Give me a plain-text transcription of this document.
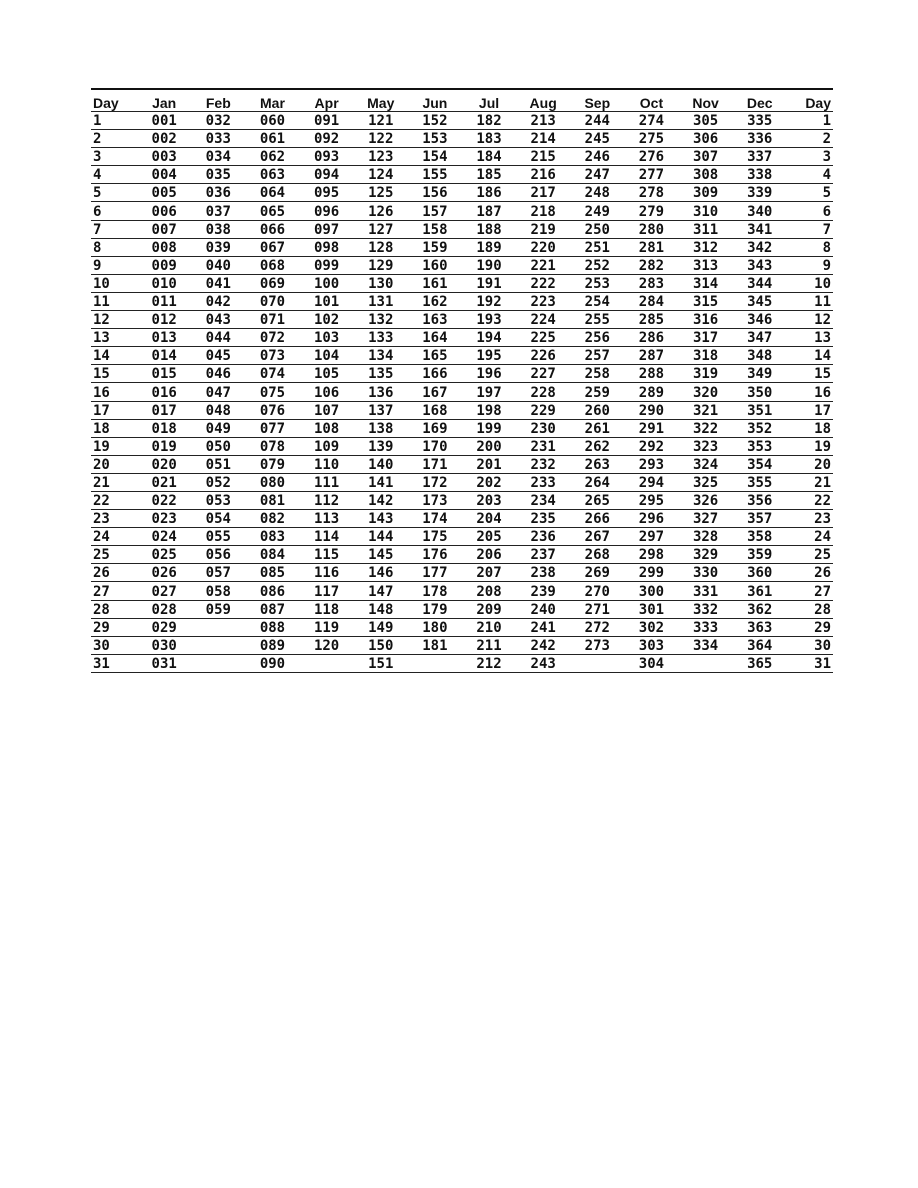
Day	Jan	Feb	Mar	Apr	May	Jun	Jul	Aug	Sep	Oct	Nov	Dec	Day
1	001	032	060	091	121	152	182	213	244	274	305	335	1
2	002	033	061	092	122	153	183	214	245	275	306	336	2
3	003	034	062	093	123	154	184	215	246	276	307	337	3
4	004	035	063	094	124	155	185	216	247	277	308	338	4
5	005	036	064	095	125	156	186	217	248	278	309	339	5
6	006	037	065	096	126	157	187	218	249	279	310	340	6
7	007	038	066	097	127	158	188	219	250	280	311	341	7
8	008	039	067	098	128	159	189	220	251	281	312	342	8
9	009	040	068	099	129	160	190	221	252	282	313	343	9
10	010	041	069	100	130	161	191	222	253	283	314	344	10
11	011	042	070	101	131	162	192	223	254	284	315	345	11
12	012	043	071	102	132	163	193	224	255	285	316	346	12
13	013	044	072	103	133	164	194	225	256	286	317	347	13
14	014	045	073	104	134	165	195	226	257	287	318	348	14
15	015	046	074	105	135	166	196	227	258	288	319	349	15
16	016	047	075	106	136	167	197	228	259	289	320	350	16
17	017	048	076	107	137	168	198	229	260	290	321	351	17
18	018	049	077	108	138	169	199	230	261	291	322	352	18
19	019	050	078	109	139	170	200	231	262	292	323	353	19
20	020	051	079	110	140	171	201	232	263	293	324	354	20
21	021	052	080	111	141	172	202	233	264	294	325	355	21
22	022	053	081	112	142	173	203	234	265	295	326	356	22
23	023	054	082	113	143	174	204	235	266	296	327	357	23
24	024	055	083	114	144	175	205	236	267	297	328	358	24
25	025	056	084	115	145	176	206	237	268	298	329	359	25
26	026	057	085	116	146	177	207	238	269	299	330	360	26
27	027	058	086	117	147	178	208	239	270	300	331	361	27
28	028	059	087	118	148	179	209	240	271	301	332	362	28
29	029		088	119	149	180	210	241	272	302	333	363	29
30	030		089	120	150	181	211	242	273	303	334	364	30
31	031		090		151		212	243		304		365	31
